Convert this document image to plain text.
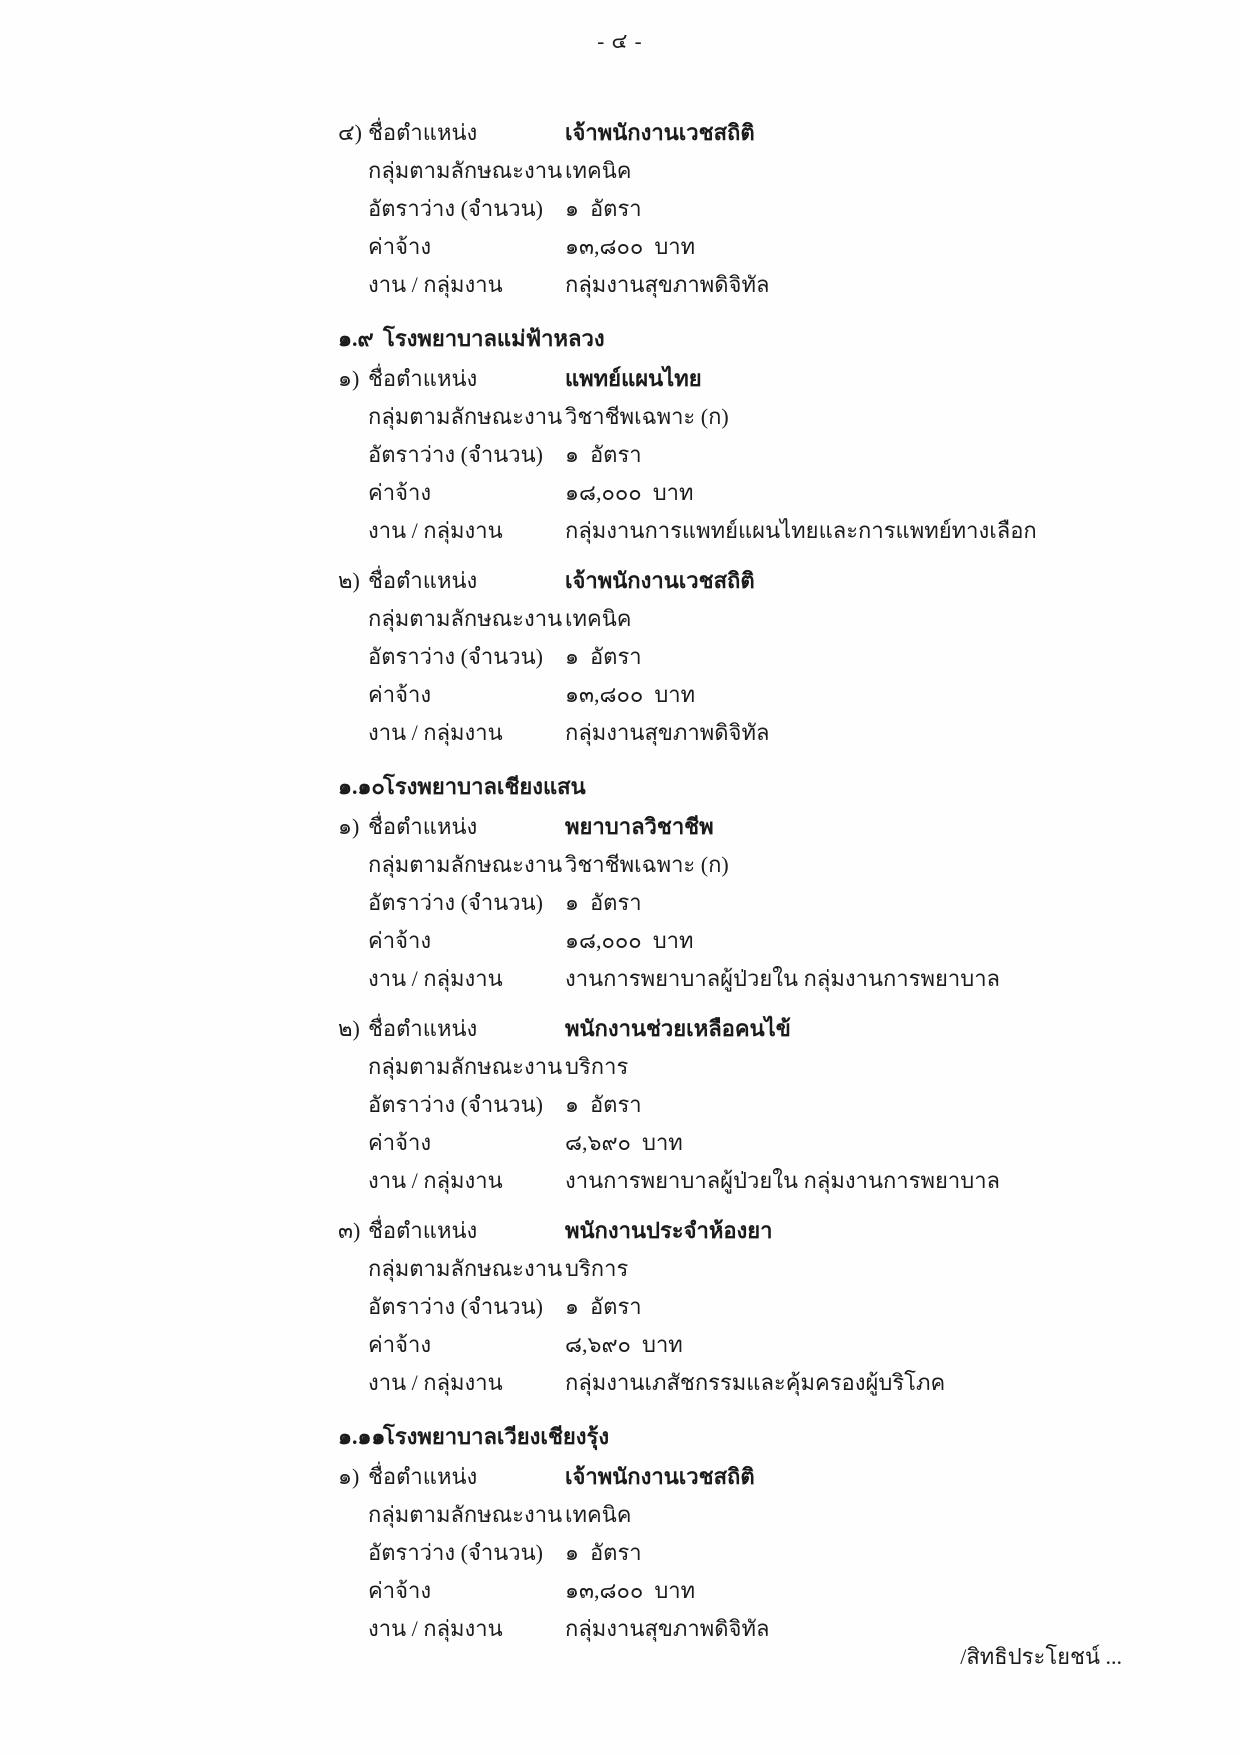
- ๔ -
๔) ชื่อตำแหน่ง	เจ้าพนักงานเวชสถิติ
กลุ่มตามลักษณะงาน เทคนิค
อัตราว่าง (จำนวน)	๑  อัตรา
ค่าจ้าง	๑๓,๘๐๐  บาท
งาน / กลุ่มงาน	กลุ่มงานสุขภาพดิจิทัล
๑.๙ โรงพยาบาลแม่ฟ้าหลวง
๑) ชื่อตำแหน่ง	แพทย์แผนไทย
กลุ่มตามลักษณะงาน วิชาชีพเฉพาะ (ก)
อัตราว่าง (จำนวน)	๑  อัตรา
ค่าจ้าง	๑๘,๐๐๐  บาท
งาน / กลุ่มงาน	กลุ่มงานการแพทย์แผนไทยและการแพทย์ทางเลือก
๒) ชื่อตำแหน่ง	เจ้าพนักงานเวชสถิติ
กลุ่มตามลักษณะงาน เทคนิค
อัตราว่าง (จำนวน)	๑  อัตรา
ค่าจ้าง	๑๓,๘๐๐  บาท
งาน / กลุ่มงาน	กลุ่มงานสุขภาพดิจิทัล
๑.๑๐
โรงพยาบาลเชียงแสน
๑) ชื่อตำแหน่ง	พยาบาลวิชาชีพ
กลุ่มตามลักษณะงาน วิชาชีพเฉพาะ (ก)
อัตราว่าง (จำนวน)	๑  อัตรา
ค่าจ้าง	๑๘,๐๐๐  บาท
งาน / กลุ่มงาน	งานการพยาบาลผู้ป่วยใน กลุ่มงานการพยาบาล
๒) ชื่อตำแหน่ง	พนักงานช่วยเหลือคนไข้
กลุ่มตามลักษณะงาน บริการ
อัตราว่าง (จำนวน)	๑  อัตรา
ค่าจ้าง	๘,๖๙๐  บาท
งาน / กลุ่มงาน	งานการพยาบาลผู้ป่วยใน กลุ่มงานการพยาบาล
๓) ชื่อตำแหน่ง	พนักงานประจำห้องยา
กลุ่มตามลักษณะงาน บริการ
อัตราว่าง (จำนวน)	๑  อัตรา
ค่าจ้าง	๘,๖๙๐  บาท
งาน / กลุ่มงาน	กลุ่มงานเภสัชกรรมและคุ้มครองผู้บริโภค
๑.๑๑
โรงพยาบาลเวียงเชียงรุ้ง
๑) ชื่อตำแหน่ง	เจ้าพนักงานเวชสถิติ
กลุ่มตามลักษณะงาน เทคนิค
อัตราว่าง (จำนวน)	๑  อัตรา
ค่าจ้าง	๑๓,๘๐๐  บาท
งาน / กลุ่มงาน	กลุ่มงานสุขภาพดิจิทัล
/สิทธิประโยชน์ ...
